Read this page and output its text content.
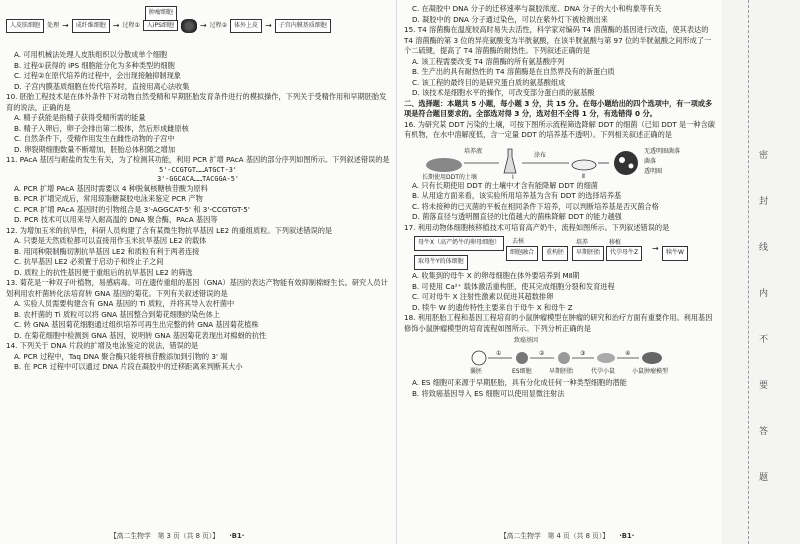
人皮肤细胞	处理 →	成纤维细胞 → 过程①
肿瘤细胞
人iPS细胞	→ 过程②	体外上皮 →	子宫内膜基质细胞
A. 可用机械法处理人皮肤组织以分散成单个细胞
B. 过程①获得的 iPS 细胞能分化为多种类型的细胞
C. 过程②在原代培养的过程中，会出现接触抑制现象
D. 子宫内膜基质细胞在传代培养时，直接用离心法收集
10. 胚胎工程技术是在体外条件下对动物自然受精和早期胚胎发育条件进行的模拟操作，下列关于受精作用和早期胚胎发育的说法，正确的是
A. 精子获能是指精子获得受精所需的能量
B. 精子入卵后，卵子会排出第二极体，然后形成雌原核
C. 自然条件下，受精作用发生在雌性动物的子宫中
D. 卵裂期细胞数量不断增加，胚胎总体积随之增加
11. PAcA 基因与耐盐的发生有关，为了检测其功能，利用 PCR 扩增 PAcA 基因的部分序列如图所示。下列叙述错误的是
5'-CCGTGT……ATGCT-3'
3'-GGCACA……TACGGA-5'
A. PCR 扩增 PAcA 基因时需要以 4 种脱氧核糖核苷酸为原料
B. PCR 扩增完成后，常用琼脂糖凝胶电泳来鉴定 PCR 产物
C. PCR 扩增 PAcA 基因时的引物组合是 3'-AGGCAT-5' 和 3'-CCGTGT-5'
D. PCR 技术可以用来导入耐高温的 DNA 聚合酶，PAcA 基因等
12. 为增加玉米的抗旱性，科研人员构建了含有某微生物抗旱基因 LE2 的重组质粒。下列叙述错误的是
A. 只要是天然质粒都可以直接用作玉米抗旱基因 LE2 的载体
B. 用同种限制酶切割抗旱基因 LE2 和质粒有利于两者连接
C. 抗旱基因 LE2 必须置于启动子和终止子之间
D. 质粒上的抗性基因便于重组后的抗旱基因 LE2 的筛选
13. 菊花是一种双子叶植物，易感病毒。可在遗传重组的基因（GNA）基因的表达产物能有效抑制棉蚜生长。研究人员计划利用农杆菌转化法培育转 GNA 基因的菊花。下列有关叙述错误的是
A. 实验人员需要构建含有 GNA 基因的 Ti 质粒，并将其导入农杆菌中
B. 农杆菌的 Ti 质粒可以将 GNA 基因整合到菊花细胞的染色体上
C. 转 GNA 基因菊花细胞通过组织培养可再生出完整的转 GNA 基因菊花植株
D. 在菊花细胞中检测到 GNA 基因，说明转 GNA 基因菊花表现出对棉蚜的抗性
14. 下列关于 DNA 片段的扩增及电泳鉴定的说法，错误的是
A. PCR 过程中，Taq DNA 聚合酶只能将核苷酸添加到引物的 3' 端
B. 在 PCR 过程中可以通过 DNA 片段在凝胶中的迁移距离来判断其大小
C. 在凝胶中 DNA 分子的迁移速率与凝胶浓度、DNA 分子的大小和构象等有关
D. 凝胶中的 DNA 分子通过染色，可以在紫外灯下被检测出来
15. T4 溶菌酶在温度较高时易失去活性，科学家对编码 T4 溶菌酶的基因进行改造，使其表达的 T4 溶菌酶的第 3 位的异亮氨酸变为半胱氨酸，在该半胱氨酸与第 97 位的半胱氨酸之间形成了一个二硫键，提高了 T4 溶菌酶的耐热性。下列叙述正确的是
A. 该工程需要改变 T4 溶菌酶的所有氨基酸序列
B. 生产出的具有耐热性的 T4 溶菌酶是在自然界没有的新蛋白质
C. 该工程的最终目的是研究蛋白质的氨基酸组成
D. 该技术是细胞水平的操作，可改变部分蛋白质的氨基酸
二、选择题：本题共 5 小题，每小题 3 分，共 15 分。在每小题给出的四个选项中，有一项或多项是符合题目要求的。全部选对得 3 分，选对但不全得 1 分，有选错得 0 分。
16. 为研究某 DDT 污染的土壤，可按下图所示流程筛选降解 DDT 的细菌（已知 DDT 是一种含碳有机物，在水中溶解度低，含一定量 DDT 的培养基不透明）。下列相关叙述正确的是
长期使用DDT的土壤
培养液
涂布
Ⅰ	Ⅱ
无透明圈菌落
菌落
透明圈
A. 只有长期使用 DDT 的土壤中才含有能降解 DDT 的细菌
B. 从用途方面来看，该实验所用培养基为含有 DDT 的选择培养基
C. 将未接种的已灭菌的平板在相同条件下培养，可以判断培养基是否灭菌合格
D. 菌落直径与透明圈直径的比值越大的菌株降解 DDT 的能力越强
17. 利用动物体细胞核移植技术可培育高产奶牛，流程如图所示。下列叙述错误的是
母牛X（高产奶牛的卵母细胞）	去核
取母牛Y的体细胞
细胞融合	重构胚
培养
早期胚胎
移植
代孕母牛Z	→	犊牛W
A. 收集到的母牛 X 的卵母细胞在体外要培养到 MⅡ期
B. 可使用 Ca²⁺ 载体激活重构胚，使其完成细胞分裂和发育进程
C. 可对母牛 X 注射性激素以促进其超数排卵
D. 犊牛 W 的遗传特性主要来自于母牛 X 和母牛 Z
18. 利用胚胎工程和基因工程培育的小鼠肿瘤模型在肿瘤的研究和治疗方面有重要作用。利用基因修饰小鼠肿瘤模型的培育流程如图所示。下列分析正确的是
致癌基因
囊胚	ES细胞	早期胚胎	代孕小鼠	小鼠肿瘤模型
①	②	③	④
A. ES 细胞可来源于早期胚胎，具有分化成任何一种类型细胞的潜能
B. 将致癌基因导入 ES 细胞可以使用显微注射法
【高二生物学　第 3 页（共 8 页）】 ·B1·	【高二生物学　第 4 页（共 8 页）】 ·B1·
